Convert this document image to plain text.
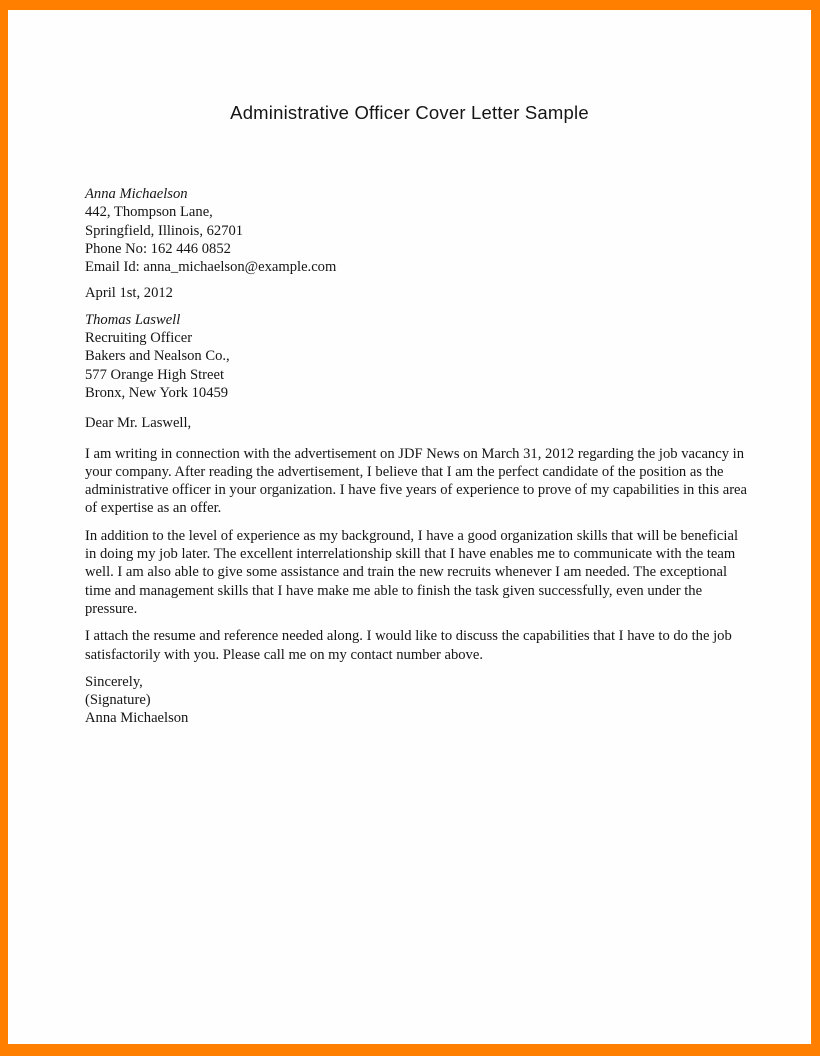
Administrative Officer Cover Letter Sample
Anna Michaelson
442, Thompson Lane,
Springfield, Illinois, 62701
Phone No: 162 446 0852
Email Id: anna_michaelson@example.com
April 1st, 2012
Thomas Laswell
Recruiting Officer
Bakers and Nealson Co.,
577 Orange High Street
Bronx, New York 10459
Dear Mr. Laswell,

I am writing in connection with the advertisement on JDF News on March 31, 2012 regarding the job vacancy in your company. After reading the advertisement, I believe that I am the perfect candidate of the position as the administrative officer in your organization. I have five years of experience to prove of my capabilities in this area of expertise as an offer.

In addition to the level of experience as my background, I have a good organization skills that will be beneficial in doing my job later. The excellent interrelationship skill that I have enables me to communicate with the team well. I am also able to give some assistance and train the new recruits whenever I am needed. The exceptional time and management skills that I have make me able to finish the task given successfully, even under the pressure.

I attach the resume and reference needed along. I would like to discuss the capabilities that I have to do the job satisfactorily with you. Please call me on my contact number above.

Sincerely,
(Signature)
Anna Michaelson
